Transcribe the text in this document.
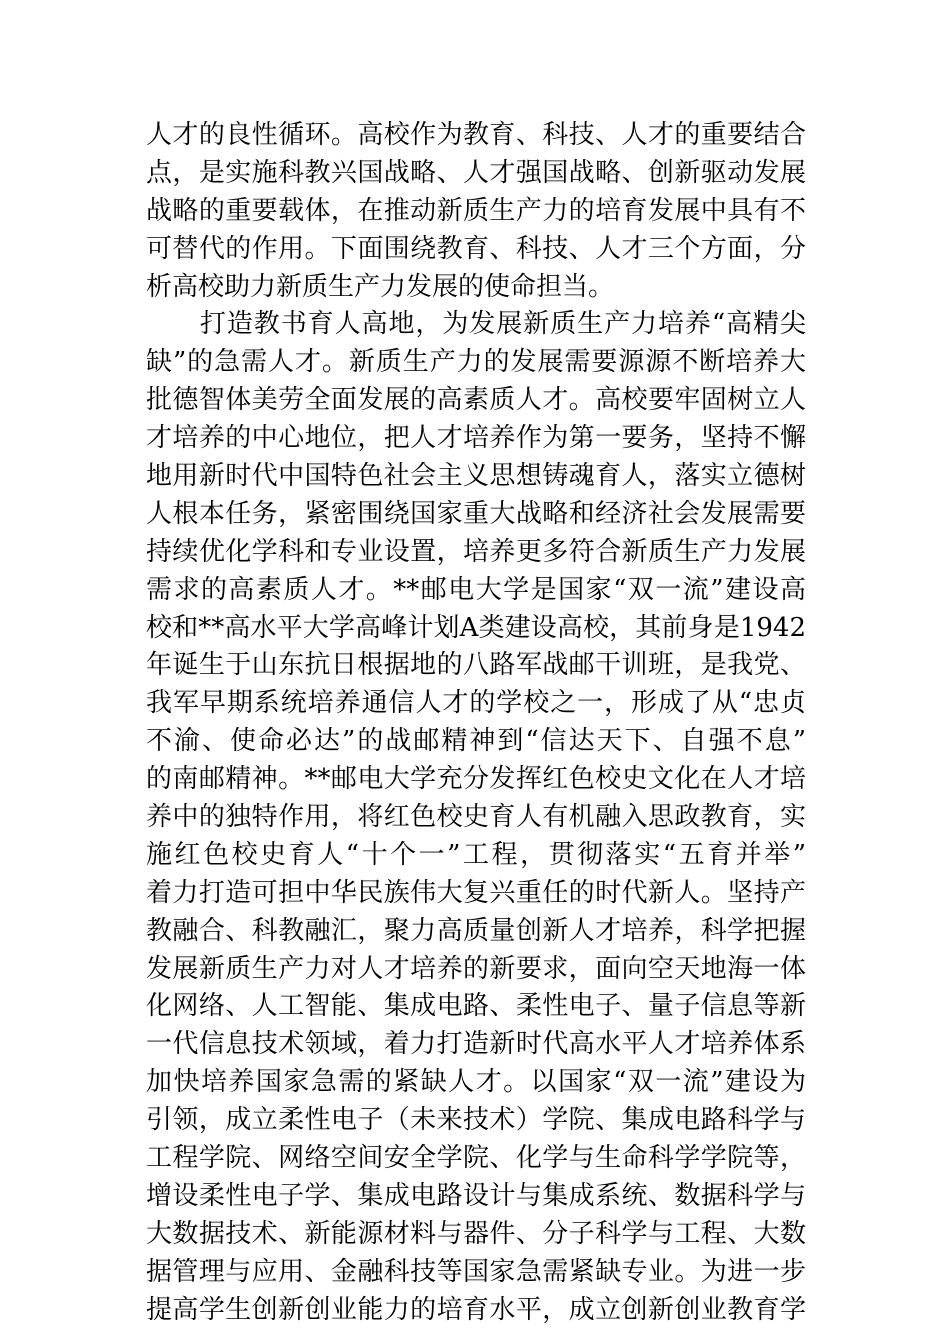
人才的良性循环。高校作为教育、科技、人才的重要结合
点，是实施科教兴国战略、人才强国战略、创新驱动发展
战略的重要载体，在推动新质生产力的培育发展中具有不
可替代的作用。下面围绕教育、科技、人才三个方面，分
析高校助力新质生产力发展的使命担当。
　　打造教书育人高地，为发展新质生产力培养“高精尖
缺”的急需人才。新质生产力的发展需要源源不断培养大
批德智体美劳全面发展的高素质人才。高校要牢固树立人
才培养的中心地位，把人才培养作为第一要务，坚持不懈
地用新时代中国特色社会主义思想铸魂育人，落实立德树
人根本任务，紧密围绕国家重大战略和经济社会发展需要
持续优化学科和专业设置，培养更多符合新质生产力发展
需求的高素质人才。**邮电大学是国家“双一流”建设高
校和**高水平大学高峰计划A类建设高校，其前身是1942
年诞生于山东抗日根据地的八路军战邮干训班，是我党、
我军早期系统培养通信人才的学校之一，形成了从“忠贞
不渝、使命必达”的战邮精神到“信达天下、自强不息”
的南邮精神。**邮电大学充分发挥红色校史文化在人才培
养中的独特作用，将红色校史育人有机融入思政教育，实
施红色校史育人“十个一”工程，贯彻落实“五育并举”
着力打造可担中华民族伟大复兴重任的时代新人。坚持产
教融合、科教融汇，聚力高质量创新人才培养，科学把握
发展新质生产力对人才培养的新要求，面向空天地海一体
化网络、人工智能、集成电路、柔性电子、量子信息等新
一代信息技术领域，着力打造新时代高水平人才培养体系
加快培养国家急需的紧缺人才。以国家“双一流”建设为
引领，成立柔性电子（未来技术）学院、集成电路科学与
工程学院、网络空间安全学院、化学与生命科学学院等，
增设柔性电子学、集成电路设计与集成系统、数据科学与
大数据技术、新能源材料与器件、分子科学与工程、大数
据管理与应用、金融科技等国家急需紧缺专业。为进一步
提高学生创新创业能力的培育水平，成立创新创业教育学
